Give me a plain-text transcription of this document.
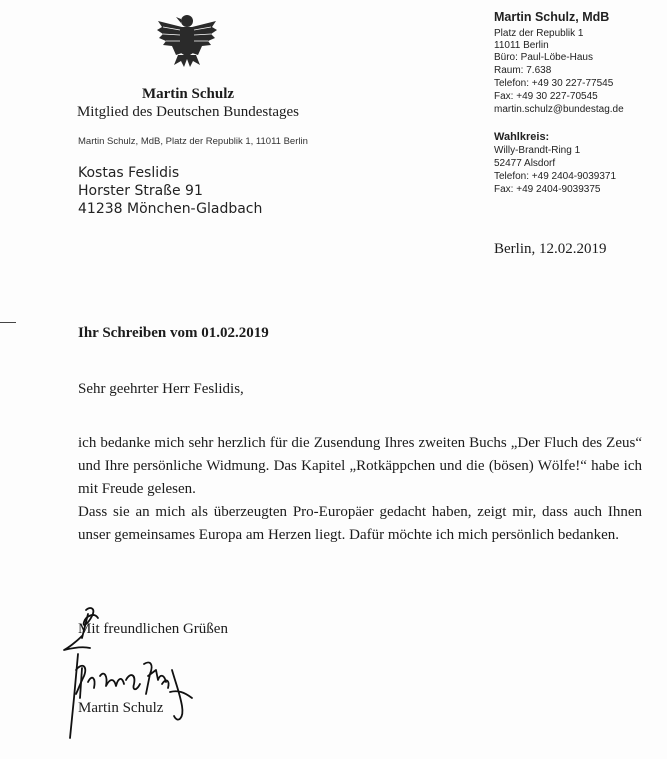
Martin Schulz
Mitglied des Deutschen Bundestages
Martin Schulz, MdB, Platz der Republik 1, 11011 Berlin
Kostas Feslidis
Horster Straße 91
41238 Mönchen-Gladbach
Martin Schulz, MdB
Platz der Republik 1
11011 Berlin
Büro: Paul-Löbe-Haus
Raum: 7.638
Telefon: +49 30 227-77545
Fax: +49 30 227-70545
martin.schulz@bundestag.de
Wahlkreis:
Willy-Brandt-Ring 1
52477 Alsdorf
Telefon: +49 2404-9039371
Fax: +49 2404-9039375
Berlin, 12.02.2019
Ihr Schreiben vom 01.02.2019
Sehr geehrter Herr Feslidis,

ich bedanke mich sehr herzlich für die Zusendung Ihres zweiten Buchs „Der Fluch des Zeus“ und Ihre persönliche Widmung. Das Kapitel „Rotkäppchen und die (bösen) Wölfe!“ habe ich mit Freude gelesen.

Dass sie an mich als überzeugten Pro-Europäer gedacht haben, zeigt mir, dass auch Ihnen unser gemeinsames Europa am Herzen liegt. Dafür möchte ich mich persönlich bedanken.

Mit freundlichen Grüßen
Martin Schulz
